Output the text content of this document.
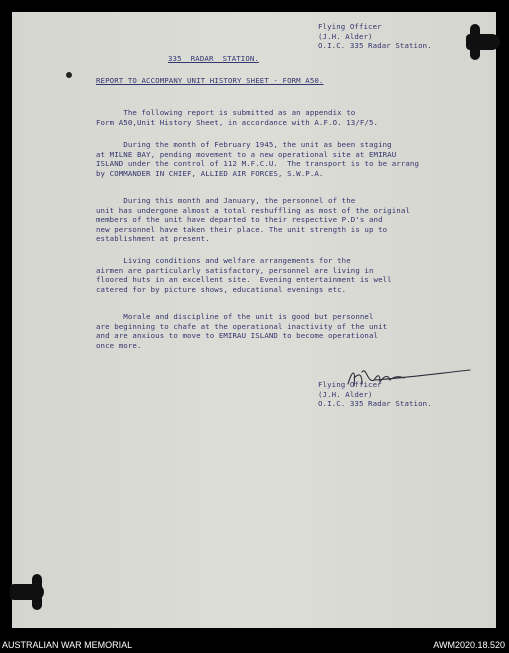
Flying Officer
(J.H. Alder)
O.I.C. 335 Radar Station.

335  RADAR  STATION.

REPORT TO ACCOMPANY UNIT HISTORY SHEET - FORM A50.

The following report is submitted as an appendix to
Form A50,Unit History Sheet, in accordance with A.F.O. 13/F/5.

During the month of February 1945, the unit as been staging
at MILNE BAY, pending movement to a new operational site at EMIRAU
ISLAND under the control of 112 M.F.C.U.  The transport is to be arrang
by COMMANDER IN CHIEF, ALLIED AIR FORCES, S.W.P.A.

During this month and January, the personnel of the
unit has undergone almost a total reshuffling as most of the original
members of the unit have departed to their respective P.D's and
new personnel have taken their place. The unit strength is up to
establishment at present.

Living conditions and welfare arrangements for the
airmen are particularly satisfactory, personnel are living in
floored huts in an excellent site.  Evening entertainment is well
catered for by picture shows, educational evenings etc.

Morale and discipline of the unit is good but personnel
are beginning to chafe at the operational inactivity of the unit
and are anxious to move to EMIRAU ISLAND to become operational
once more.

Flying Officer
(J.H. Alder)
O.I.C. 335 Radar Station.

AUSTRALIAN WAR MEMORIAL	AWM2020.18.520
